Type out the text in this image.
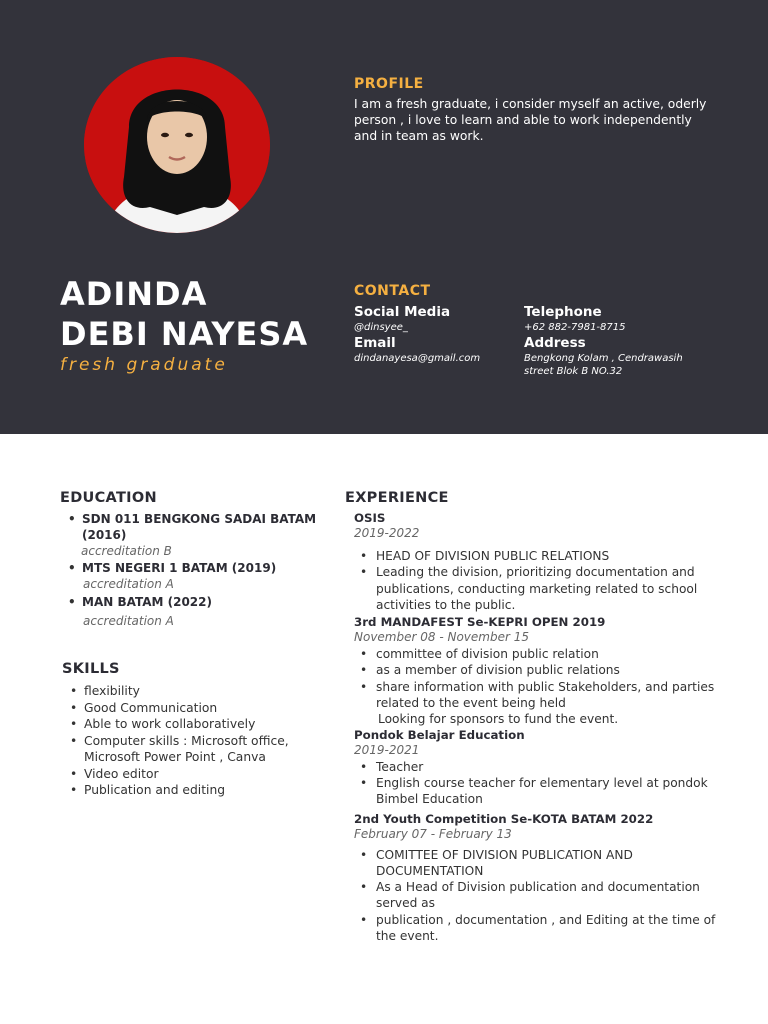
ADINDA
DEBI NAYESA
fresh graduate
PROFILE
I am a fresh graduate, i consider myself an active, oderly person , i love to learn and able to work independently and in team as work.
CONTACT
Social Media
@dinsyee_
Email
dindanayesa@gmail.com
Telephone
+62 882-7981-8715
Address
Bengkong Kolam , Cendrawasih
street Blok B NO.32
EDUCATION
• SDN 011 BENGKONG SADAI BATAM (2016)
accreditation B
• MTS NEGERI 1 BATAM (2019)
accreditation A
• MAN BATAM (2022)
accreditation A
SKILLS
• flexibility
• Good Communication
• Able to work collaboratively
• Computer skills : Microsoft office, Microsoft Power Point , Canva
• Video editor
• Publication and editing
EXPERIENCE
OSIS
2019-2022
• HEAD OF DIVISION PUBLIC RELATIONS
• Leading the division, prioritizing documentation and publications, conducting marketing related to school activities to the public.
3rd MANDAFEST Se-KEPRI OPEN 2019
November 08 - November 15
• committee of division public relation
• as a member of division public relations
• share information with public Stakeholders, and parties related to the event being held
Looking for sponsors to fund the event.
Pondok Belajar Education
2019-2021
• Teacher
• English course teacher for elementary level at pondok Bimbel Education
2nd Youth Competition Se-KOTA BATAM 2022
February 07 - February 13
• COMITTEE OF DIVISION PUBLICATION AND DOCUMENTATION
• As a Head of Division publication and documentation served as
• publication , documentation , and Editing at the time of the event.
